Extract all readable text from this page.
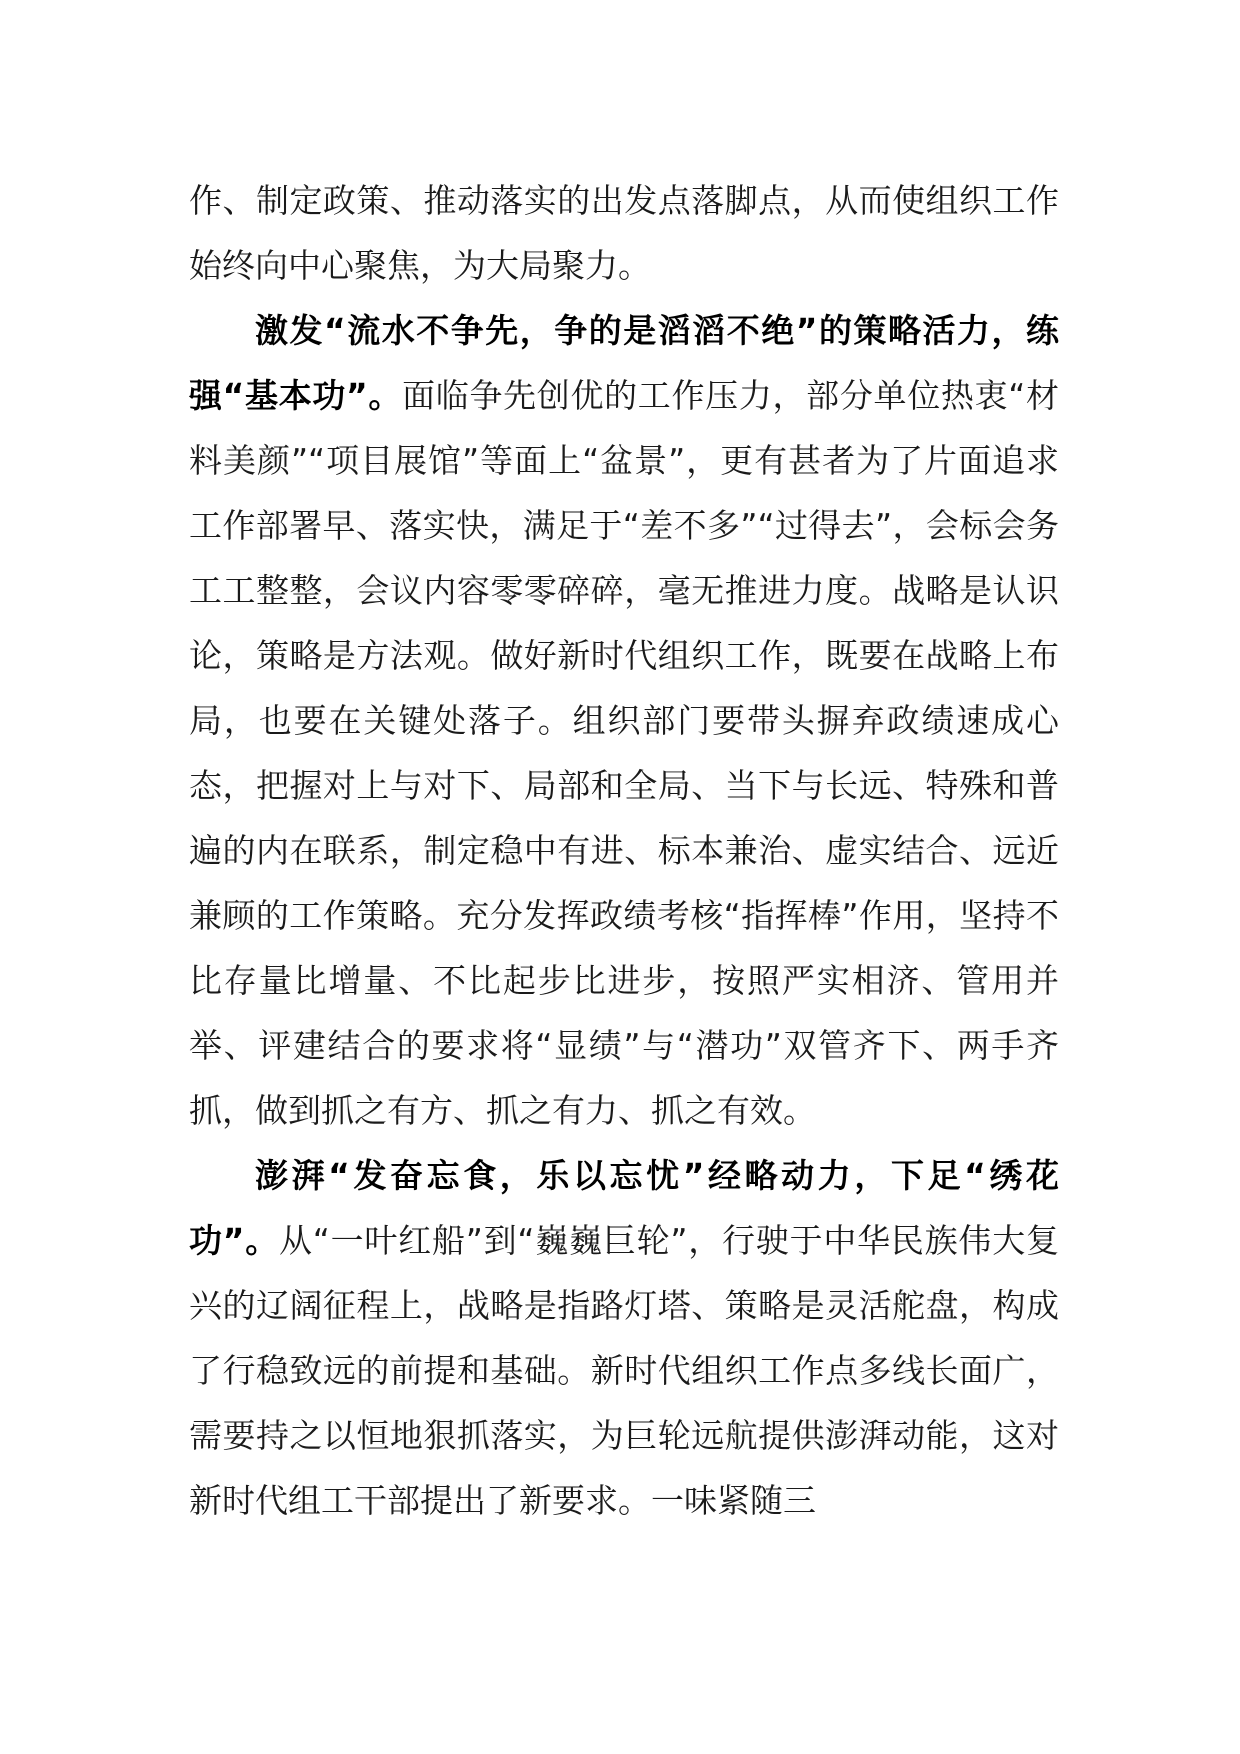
作、制定政策、推动落实的出发点落脚点，从而使组织工作始终向中心聚焦，为大局聚力。

激发“流水不争先，争的是滔滔不绝”的策略活力，练强“基本功”。面临争先创优的工作压力，部分单位热衷“材料美颜”“项目展馆”等面上“盆景”，更有甚者为了片面追求工作部署早、落实快，满足于“差不多”“过得去”，会标会务工工整整，会议内容零零碎碎，毫无推进力度。战略是认识论，策略是方法观。做好新时代组织工作，既要在战略上布局，也要在关键处落子。组织部门要带头摒弃政绩速成心态，把握对上与对下、局部和全局、当下与长远、特殊和普遍的内在联系，制定稳中有进、标本兼治、虚实结合、远近兼顾的工作策略。充分发挥政绩考核“指挥棒”作用，坚持不比存量比增量、不比起步比进步，按照严实相济、管用并举、评建结合的要求将“显绩”与“潜功”双管齐下、两手齐抓，做到抓之有方、抓之有力、抓之有效。

澎湃“发奋忘食，乐以忘忧”经略动力，下足“绣花功”。从“一叶红船”到“巍巍巨轮”，行驶于中华民族伟大复兴的辽阔征程上，战略是指路灯塔、策略是灵活舵盘，构成了行稳致远的前提和基础。新时代组织工作点多线长面广，需要持之以恒地狠抓落实，为巨轮远航提供澎湃动能，这对新时代组工干部提出了新要求。一味紧随三
